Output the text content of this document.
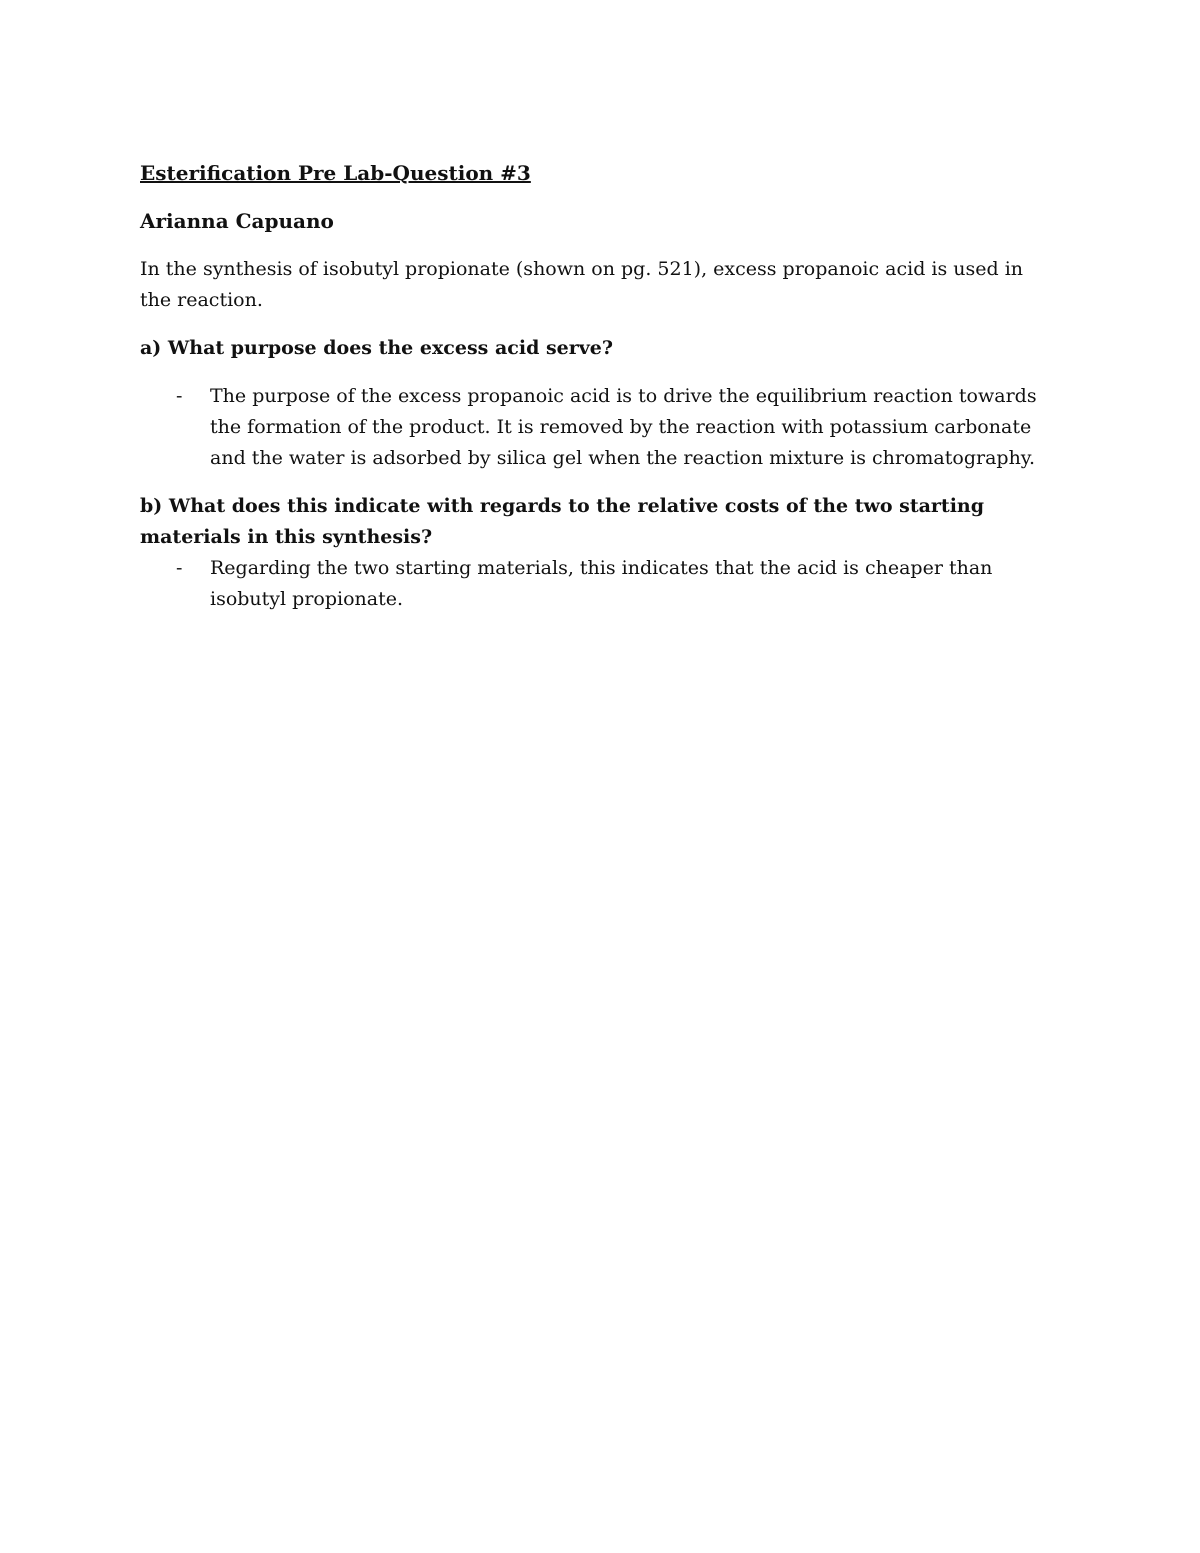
Esterification Pre Lab-Question #3
Arianna Capuano
In the synthesis of isobutyl propionate (shown on pg. 521), excess propanoic acid is used in the reaction.
a) What purpose does the excess acid serve?
-	The purpose of the excess propanoic acid is to drive the equilibrium reaction towards the formation of the product. It is removed by the reaction with potassium carbonate and the water is adsorbed by silica gel when the reaction mixture is chromatography.
b) What does this indicate with regards to the relative costs of the two starting materials in this synthesis?
-	Regarding the two starting materials, this indicates that the acid is cheaper than isobutyl propionate.
